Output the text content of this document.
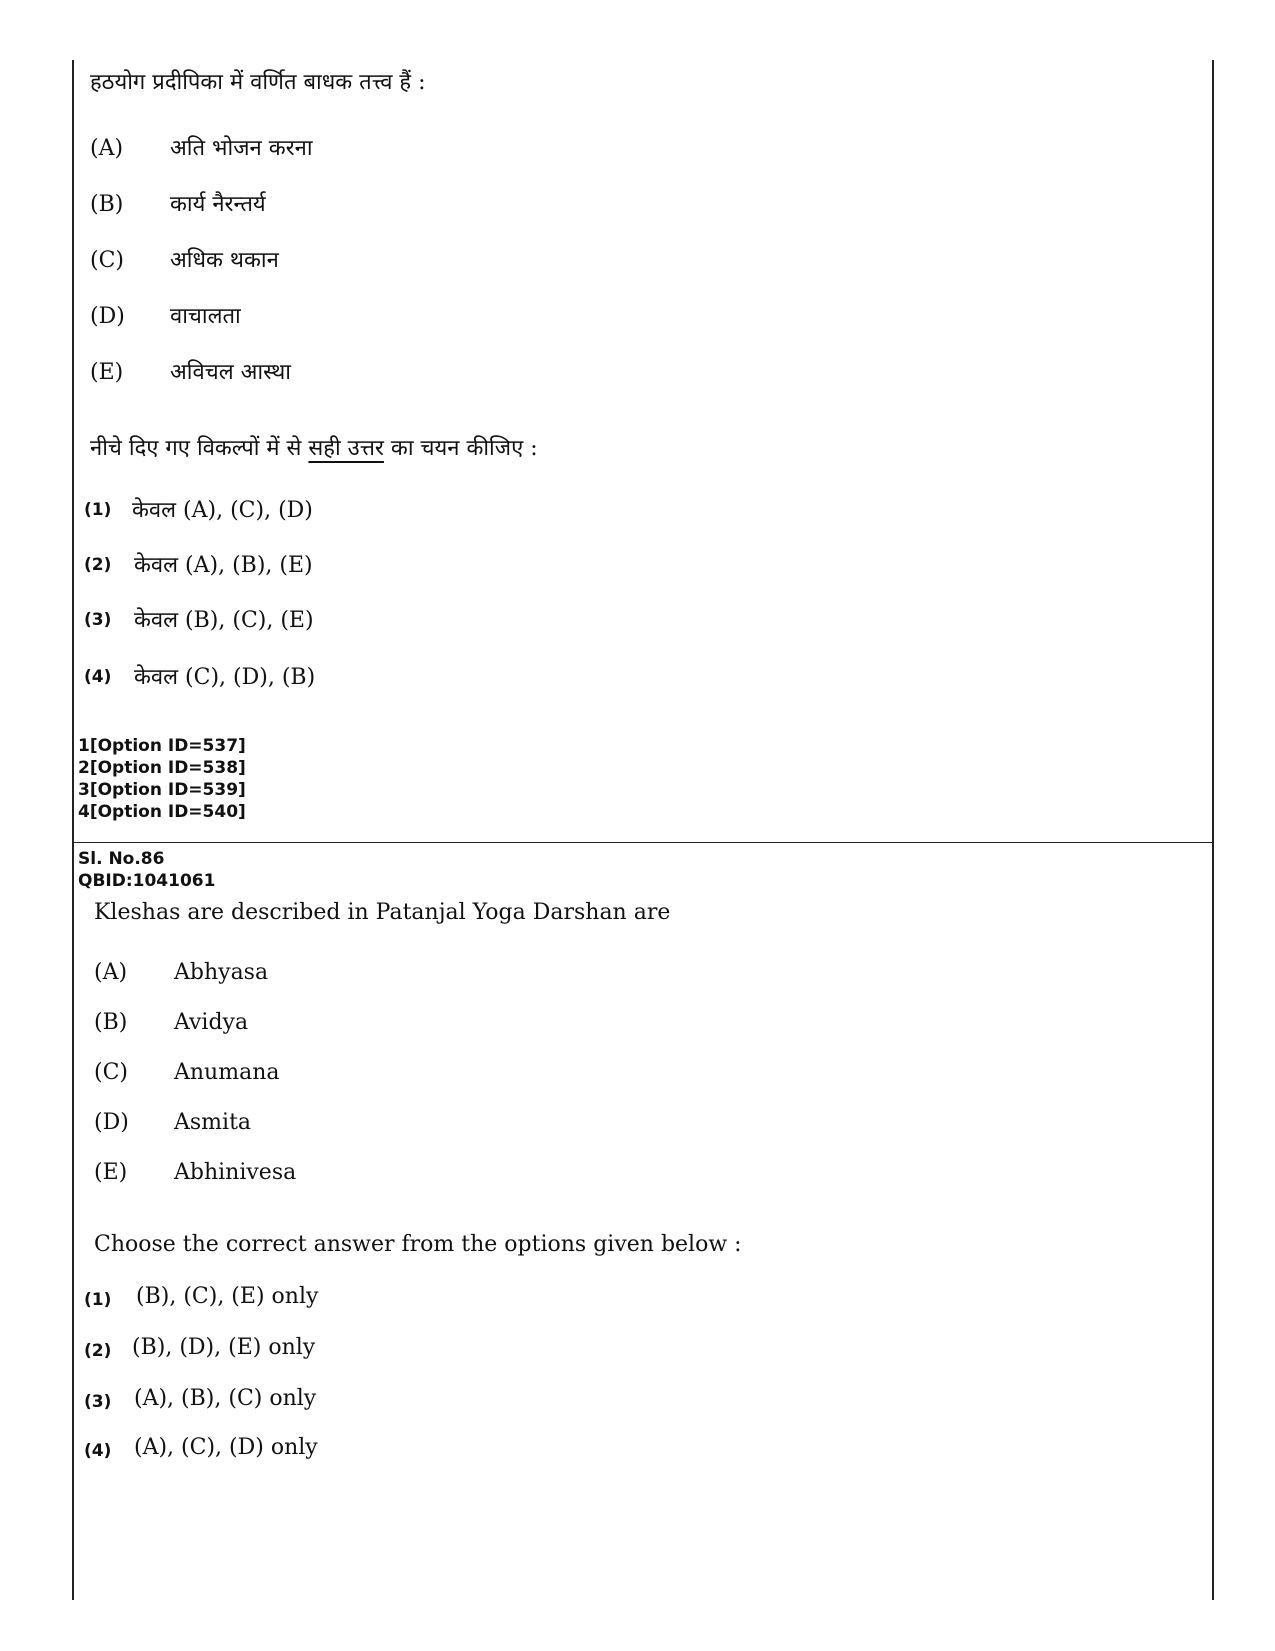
हठयोग प्रदीपिका में वर्णित बाधक तत्त्व हैं :
(A) अति भोजन करना
(B) कार्य नैरन्तर्य
(C) अधिक थकान
(D) वाचालता
(E) अविचल आस्था
नीचे दिए गए विकल्पों में से सही उत्तर का चयन कीजिए :
(1) केवल (A), (C), (D)
(2) केवल (A), (B), (E)
(3) केवल (B), (C), (E)
(4) केवल (C), (D), (B)
1[Option ID=537]
2[Option ID=538]
3[Option ID=539]
4[Option ID=540]
Sl. No.86
QBID:1041061
Kleshas are described in Patanjal Yoga Darshan are
(A) Abhyasa
(B) Avidya
(C) Anumana
(D) Asmita
(E) Abhinivesa
Choose the correct answer from the options given below :
(1) (B), (C), (E) only
(2) (B), (D), (E) only
(3) (A), (B), (C) only
(4) (A), (C), (D) only
